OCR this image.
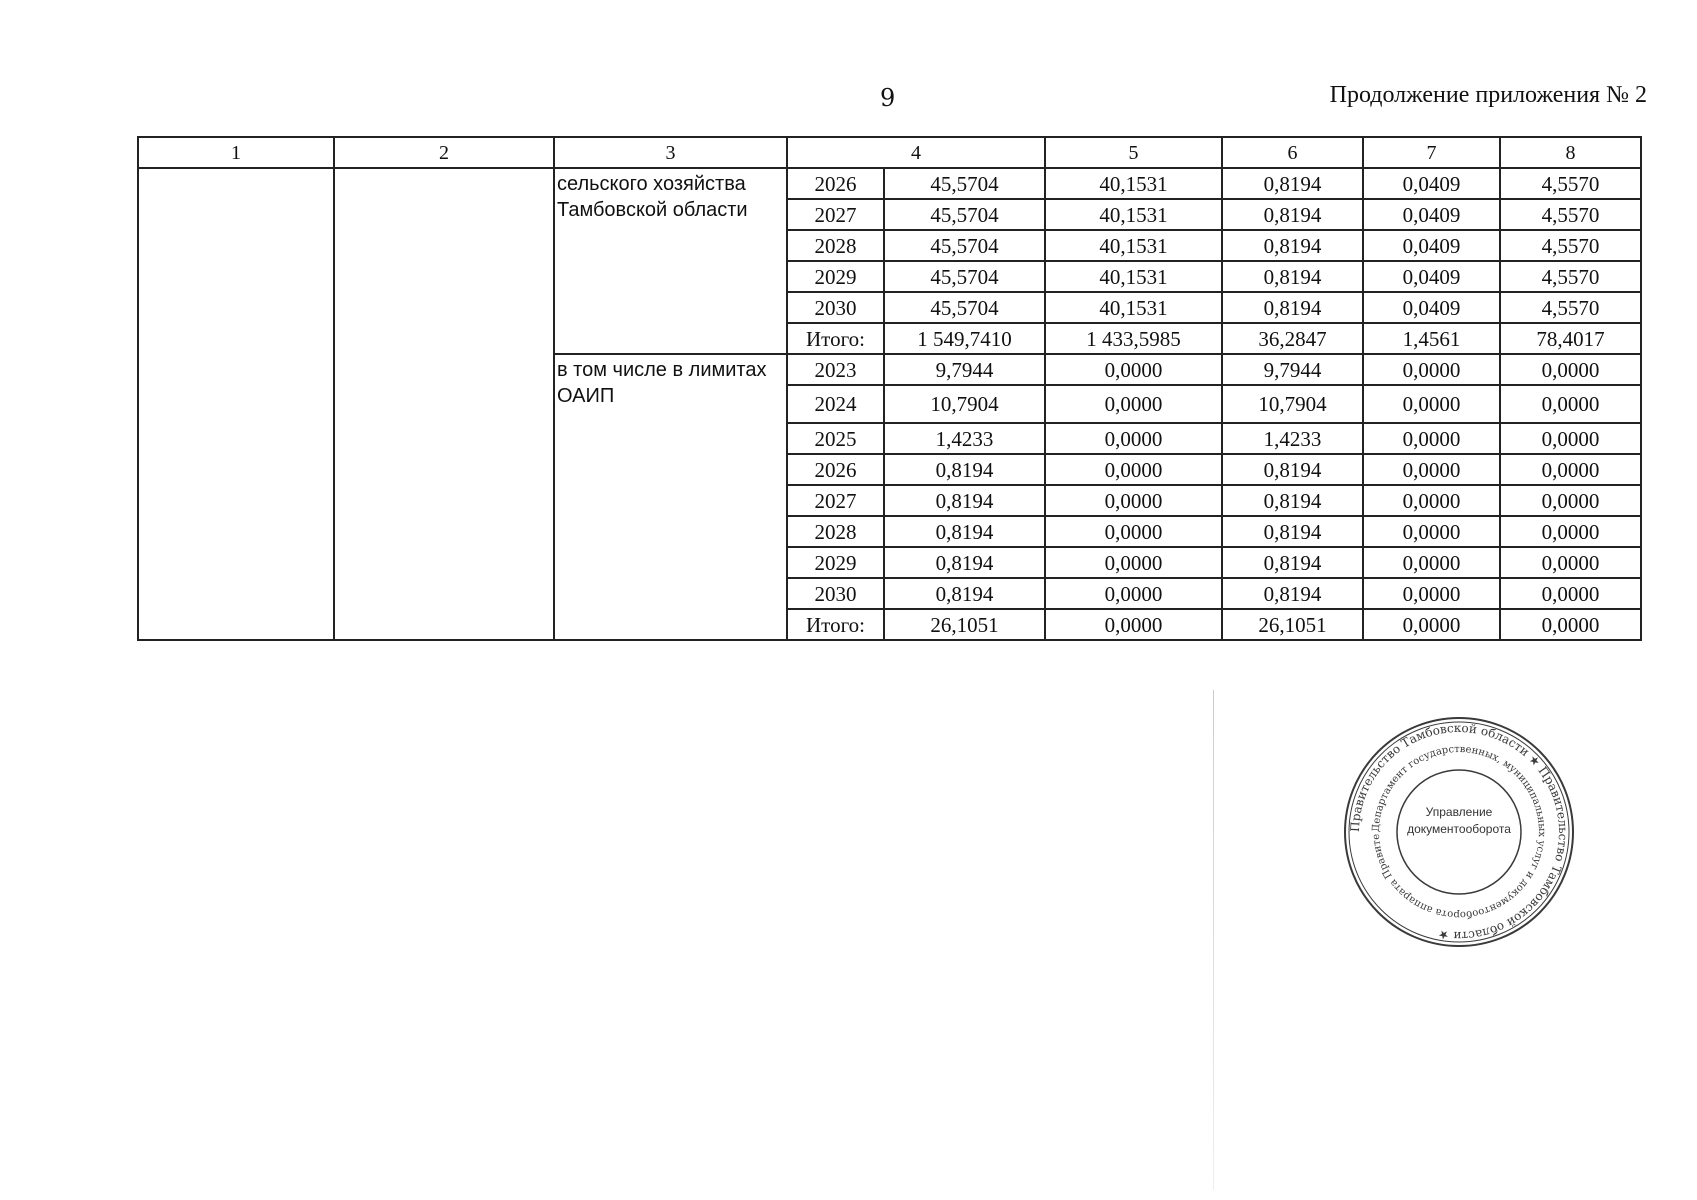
9	Продолжение приложения № 2
1	2	3	4		5	6	7	8
		сельского хозяйства Тамбовской области	2026	45,5704	40,1531	0,8194	0,0409	4,5570
			2027	45,5704	40,1531	0,8194	0,0409	4,5570
			2028	45,5704	40,1531	0,8194	0,0409	4,5570
			2029	45,5704	40,1531	0,8194	0,0409	4,5570
			2030	45,5704	40,1531	0,8194	0,0409	4,5570
			Итого:	1 549,7410	1 433,5985	36,2847	1,4561	78,4017
		в том числе в лимитах ОАИП	2023	9,7944	0,0000	9,7944	0,0000	0,0000
			2024	10,7904	0,0000	10,7904	0,0000	0,0000
			2025	1,4233	0,0000	1,4233	0,0000	0,0000
			2026	0,8194	0,0000	0,8194	0,0000	0,0000
			2027	0,8194	0,0000	0,8194	0,0000	0,0000
			2028	0,8194	0,0000	0,8194	0,0000	0,0000
			2029	0,8194	0,0000	0,8194	0,0000	0,0000
			2030	0,8194	0,0000	0,8194	0,0000	0,0000
			Итого:	26,1051	0,0000	26,1051	0,0000	0,0000
Правительство Тамбовской области ★ Правительство Тамбовской области ★
Департамент государственных, муниципальных услуг и документооборота аппарата Правите
Управление
документооборота
